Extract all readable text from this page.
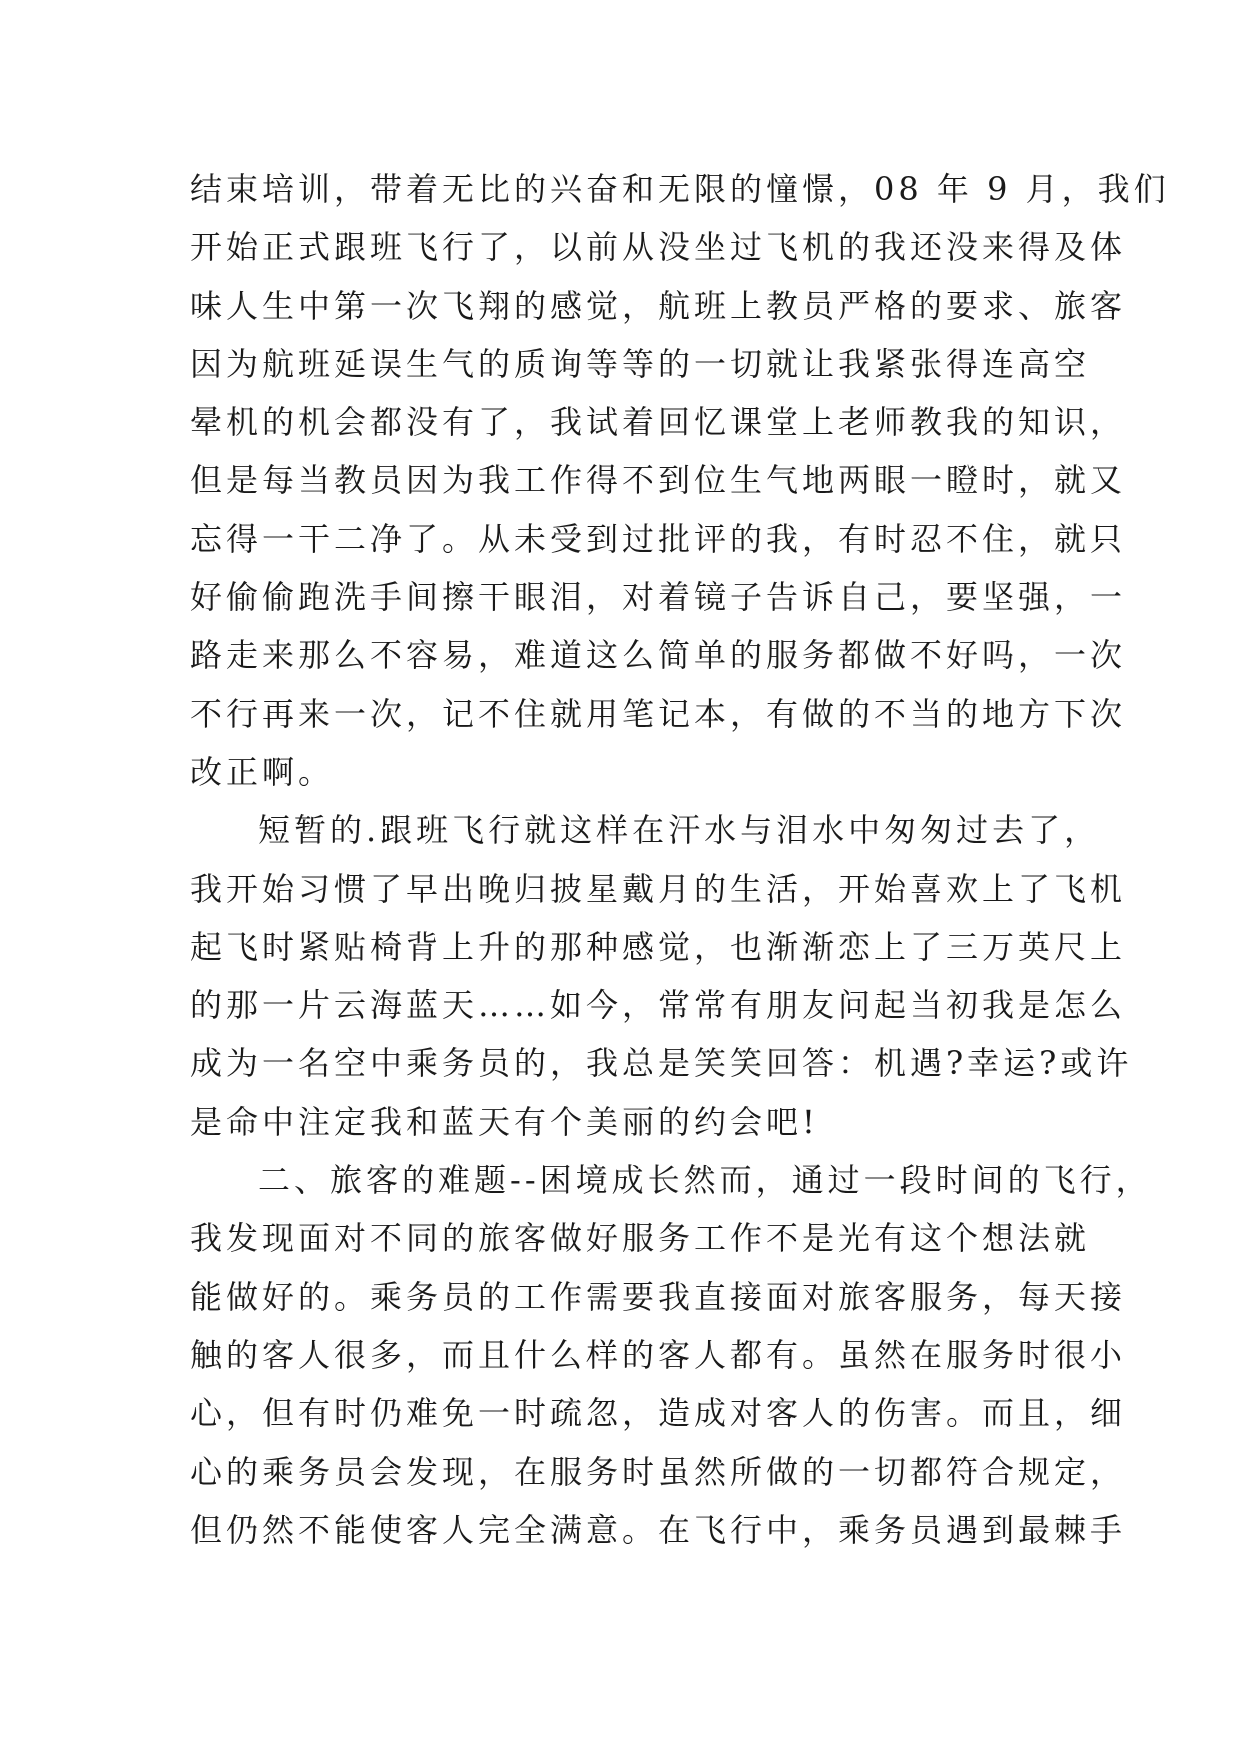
结束培训，带着无比的兴奋和无限的憧憬，08 年 9 月，我们
开始正式跟班飞行了，以前从没坐过飞机的我还没来得及体
味人生中第一次飞翔的感觉，航班上教员严格的要求、旅客
因为航班延误生气的质询等等的一切就让我紧张得连高空
晕机的机会都没有了，我试着回忆课堂上老师教我的知识，
但是每当教员因为我工作得不到位生气地两眼一瞪时，就又
忘得一干二净了。从未受到过批评的我，有时忍不住，就只
好偷偷跑洗手间擦干眼泪，对着镜子告诉自己，要坚强，一
路走来那么不容易，难道这么简单的服务都做不好吗，一次
不行再来一次，记不住就用笔记本，有做的不当的地方下次
改正啊。
短暂的.跟班飞行就这样在汗水与泪水中匆匆过去了，
我开始习惯了早出晚归披星戴月的生活，开始喜欢上了飞机
起飞时紧贴椅背上升的那种感觉，也渐渐恋上了三万英尺上
的那一片云海蓝天……如今，常常有朋友问起当初我是怎么
成为一名空中乘务员的，我总是笑笑回答：机遇?幸运?或许
是命中注定我和蓝天有个美丽的约会吧!
二、旅客的难题--困境成长然而，通过一段时间的飞行，
我发现面对不同的旅客做好服务工作不是光有这个想法就
能做好的。乘务员的工作需要我直接面对旅客服务，每天接
触的客人很多，而且什么样的客人都有。虽然在服务时很小
心，但有时仍难免一时疏忽，造成对客人的伤害。而且，细
心的乘务员会发现，在服务时虽然所做的一切都符合规定，
但仍然不能使客人完全满意。在飞行中，乘务员遇到最棘手
